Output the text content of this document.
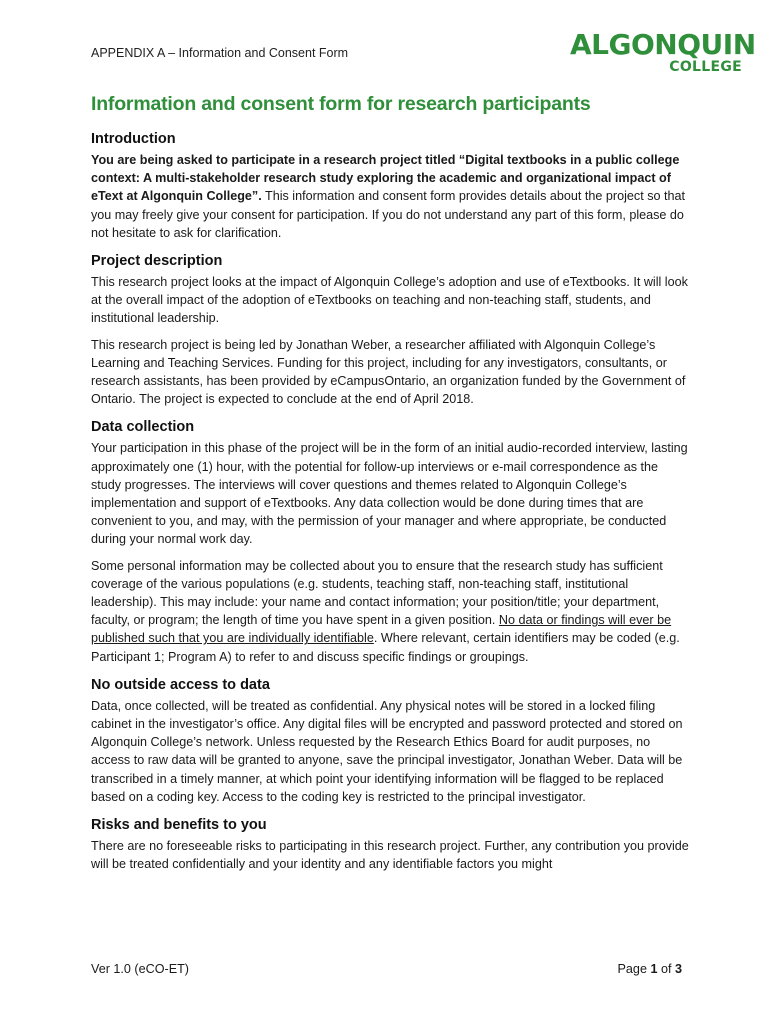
APPENDIX A – Information and Consent Form	ALGONQUIN
COLLEGE
Information and consent form for research participants
Introduction

You are being asked to participate in a research project titled “Digital textbooks in a public college context: A multi-stakeholder research study exploring the academic and organizational impact of eText at Algonquin College”. This information and consent form provides details about the project so that you may freely give your consent for participation. If you do not understand any part of this form, please do not hesitate to ask for clarification.

Project description

This research project looks at the impact of Algonquin College’s adoption and use of eTextbooks. It will look at the overall impact of the adoption of eTextbooks on teaching and non-teaching staff, students, and institutional leadership.

This research project is being led by Jonathan Weber, a researcher affiliated with Algonquin College’s Learning and Teaching Services. Funding for this project, including for any investigators, consultants, or research assistants, has been provided by eCampusOntario, an organization funded by the Government of Ontario. The project is expected to conclude at the end of April 2018.

Data collection

Your participation in this phase of the project will be in the form of an initial audio-recorded interview, lasting approximately one (1) hour, with the potential for follow-up interviews or e-mail correspondence as the study progresses. The interviews will cover questions and themes related to Algonquin College’s implementation and support of eTextbooks. Any data collection would be done during times that are convenient to you, and may, with the permission of your manager and where appropriate, be conducted during your normal work day.

Some personal information may be collected about you to ensure that the research study has sufficient coverage of the various populations (e.g. students, teaching staff, non-teaching staff, institutional leadership). This may include: your name and contact information; your position/title; your department, faculty, or program; the length of time you have spent in a given position. No data or findings will ever be published such that you are individually identifiable. Where relevant, certain identifiers may be coded (e.g. Participant 1; Program A) to refer to and discuss specific findings or groupings.

No outside access to data

Data, once collected, will be treated as confidential. Any physical notes will be stored in a locked filing cabinet in the investigator’s office. Any digital files will be encrypted and password protected and stored on Algonquin College’s network. Unless requested by the Research Ethics Board for audit purposes, no access to raw data will be granted to anyone, save the principal investigator, Jonathan Weber. Data will be transcribed in a timely manner, at which point your identifying information will be flagged to be replaced based on a coding key. Access to the coding key is restricted to the principal investigator.

Risks and benefits to you

There are no foreseeable risks to participating in this research project. Further, any contribution you provide will be treated confidentially and your identity and any identifiable factors you might

Ver 1.0 (eCO-ET)	Page 1 of 3
